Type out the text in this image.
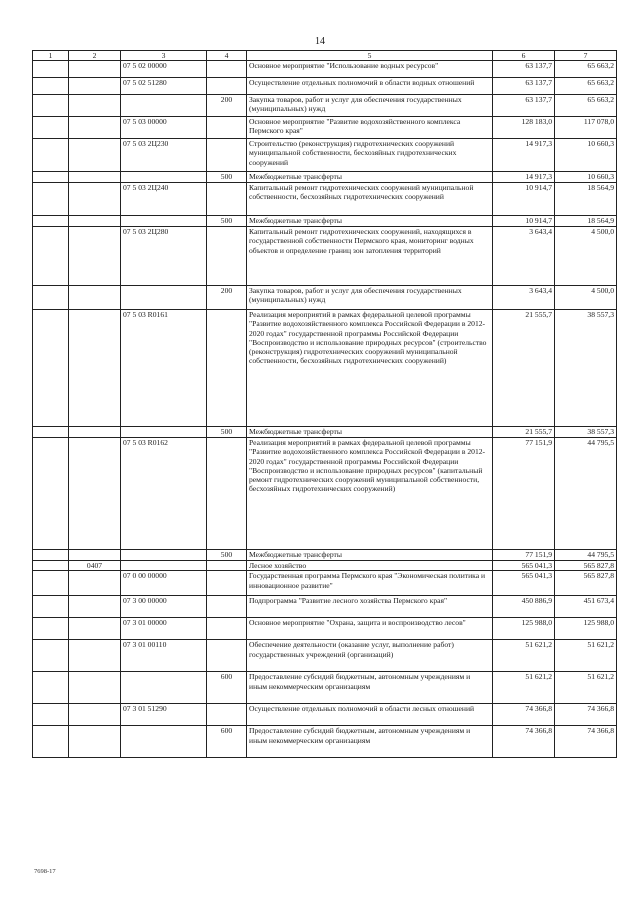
14
1	2	3	4	5	6	7
		07 5 02 00000		Основное мероприятие "Использование водных ресурсов"	63 137,7	65 663,2
		07 5 02 51280		Осуществление отдельных полномочий в области водных отношений	63 137,7	65 663,2
			200	Закупка товаров, работ и услуг для обеспечения государственных (муниципальных) нужд	63 137,7	65 663,2
		07 5 03 00000		Основное мероприятие "Развитие водохозяйственного комплекса Пермского края"	128 183,0	117 078,0
		07 5 03 2Ц230		Строительство (реконструкция) гидротехнических сооружений муниципальной собственности, бесхозяйных гидротехнических сооружений	14 917,3	10 660,3
			500	Межбюджетные трансферты	14 917,3	10 660,3
		07 5 03 2Ц240		Капитальный ремонт гидротехнических сооружений муниципальной собственности, бесхозяйных гидротехнических сооружений	10 914,7	18 564,9
			500	Межбюджетные трансферты	10 914,7	18 564,9
		07 5 03 2Ц280		Капитальный ремонт гидротехнических сооружений, находящихся в государственной собственности Пермского края, мониторинг водных объектов и определение границ зон затопления территорий	3 643,4	4 500,0
			200	Закупка товаров, работ и услуг для обеспечения государственных (муниципальных) нужд	3 643,4	4 500,0
		07 5 03 R0161		Реализация мероприятий в рамках федеральной целевой программы "Развитие водохозяйственного комплекса Российской Федерации в 2012-2020 годах" государственной программы Российской Федерации "Воспроизводство и использование природных ресурсов" (строительство (реконструкция) гидротехнических сооружений муниципальной собственности, бесхозяйных гидротехнических сооружений)	21 555,7	38 557,3
			500	Межбюджетные трансферты	21 555,7	38 557,3
		07 5 03 R0162		Реализация мероприятий в рамках федеральной целевой программы "Развитие водохозяйственного комплекса Российской Федерации в 2012-2020 годах" государственной программы Российской Федерации "Воспроизводство и использование природных ресурсов" (капитальный ремонт гидротехнических сооружений муниципальной собственности, бесхозяйных гидротехнических сооружений)	77 151,9	44 795,5
			500	Межбюджетные трансферты	77 151,9	44 795,5
	0407			Лесное хозяйство	565 041,3	565 827,8
		07 0 00 00000		Государственная программа Пермского края "Экономическая политика и инновационное развитие"	565 041,3	565 827,8
		07 3 00 00000		Подпрограмма "Развитие лесного хозяйства Пермского края"	450 886,9	451 673,4
		07 3 01 00000		Основное мероприятие "Охрана, защита и воспроизводство лесов"	125 988,0	125 988,0
		07 3 01 00110		Обеспечение деятельности (оказание услуг, выполнение работ) государственных учреждений (организаций)	51 621,2	51 621,2
			600	Предоставление субсидий бюджетным, автономным учреждениям и иным некоммерческим организациям	51 621,2	51 621,2
		07 3 01 51290		Осуществление отдельных полномочий в области лесных отношений	74 366,8	74 366,8
			600	Предоставление субсидий бюджетным, автономным учреждениям и иным некоммерческим организациям	74 366,8	74 366,8
7698-17
